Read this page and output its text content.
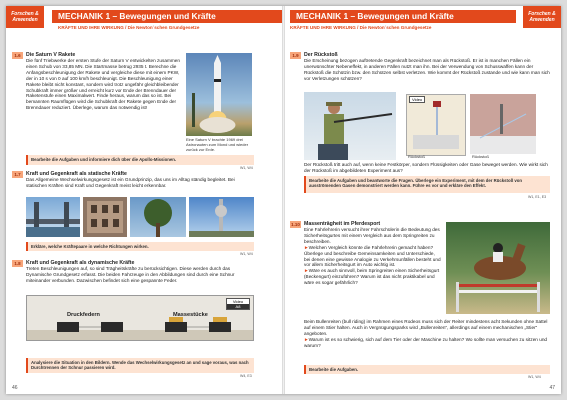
Forschen & Anwenden	MECHANIK 1 – Bewegungen und Kräfte
KRÄFTE UND IHRE WIRKUNG / Die Newton´schen Grundgesetze
1.6	Die Saturn V Rakete
Die fünf Triebwerke der ersten Stufe der Saturn V entwickelten zusammen einen Schub von 33,85 MN. Die Startmasse betrug 2935 t. Berechne die Anfangsbeschleunigung der Rakete und vergleiche diese mit einem PKW, der in 10 s von 0 auf 100 km/h beschleunigt. Die Beschleunigung einer Rakete bleibt nicht konstant, sondern wird trotz ungefähr gleichbleibender Schubkraft immer größer und erreicht kurz vor Ende der Brenndauer der Raketenstufe einen Maximalwert. Finde heraus, warum das so ist. Bei bemannten Raumflügen wird die Schubkraft der Rakete gegen Ende der Brenndauer reduziert. Überlege, warum das notwendig ist!
Eine Saturn V brachte 1969 drei Astronauten zum Mond und wieder zurück zur Erde.
Bearbeite die Aufgaben und informiere dich über die Apollo-Missionen.
W1, W4
1.7	Kraft und Gegenkraft als statische Kräfte
Das Allgemeine Wechselwirkungsgesetz ist ein Grundprinzip, das uns im Alltag ständig begleitet. Bei statischen Kräften sind Kraft und Gegenkraft meist leicht erkennbar.
Erkläre, welche Kräftepaare in welche Richtungen wirken.
W1, W4
1.8	Kraft und Gegenkraft als dynamische Kräfte
Treten Beschleunigungen auf, so sind Trägheitskräfte zu berücksichtigen. Diese werden durch das Dynamische Grundgesetz erfasst. Die beiden Fahrzeuge in den Abbildungen sind durch eine Schnur miteinander verbunden. Dazwischen befindet sich eine gespannte Feder.
Druckfedern	Massestücke
Video
A8
Analysiere die Situation in den Bildern. Wende das Wechselwirkungsgesetz an und sage voraus, was nach Durchtrennen der Schnur passieren wird.
W4, E3
46
MECHANIK 1 – Bewegungen und Kräfte	Forschen & Anwenden
KRÄFTE UND IHRE WIRKUNG / Die Newton´schen Grundgesetze
1.9	Der Rückstoß
Die Erscheinung bezogen auftretende Gegenkraft bezeichnet man als Rückstoß. Er ist in manchen Fällen ein unerwünschter Nebeneffekt, in anderen Fällen nutzt man ihn. Bei der Verwendung von Schusswaffen kann der Rückstoß die Schützin bzw. den Schützen selbst verletzen. Wie kommt der Rückstoß zustande und wie kann man sich vor Verletzungen schützen?
Video
Rückstoß	Rückstoß
Der Rückstoß tritt auch auf, wenn keine Festkörper, sondern Flüssigkeiten oder Gase beweget werden. Wie wirkt sich der Rückstoß im abgebildeten Experiment aus?
Bearbeite die Aufgaben und beantworte die Fragen. Überlege ein Experiment, mit dem der Rückstoß von ausströmenden Gasen demonstriert werden kann. Führe es vor und erkläre den Effekt.
W1, E1, E3
1.10 Massenträgheit im Pferdesport
Eine Fahrlehrerin versucht ihrer Fahrschülerin die Bedeutung des Sicherheitsgurtes mit einem Vergleich aus dem Springreiten zu beschreiben.
► Welchen Vergleich könnte die Fahrlehrerin gemacht haben? Überlege und beschreibe Gemeinsamkeiten und Unterschiede, bei denen eine gewisse Analogie zu Verkehrsunfällen besteht und vor allem Sicherheitsgurt im Auto wichtig ist.
► Wäre es auch sinnvoll, beim Springreiten einen Sicherheitsgurt (Beckengurt) einzuführen? Warum ist das nicht praktikabel und wäre es sogar gefährlich?
Beim Bullenreiten (bull riding) im Rahmen eines Rodeos muss sich der Reiter mindestens acht Sekunden ohne Sattel auf einem Stier halten. Auch in Vergnügungsparks wird „Bullenreiten“, allerdings auf einem mechanischen „Stier“ angeboten.
► Warum ist es so schwierig, sich auf dem Tier oder der Maschine zu halten? Wo sollte man versuchen zu sitzen und warum?
Bearbeite die Aufgaben.
W1, W4
47
